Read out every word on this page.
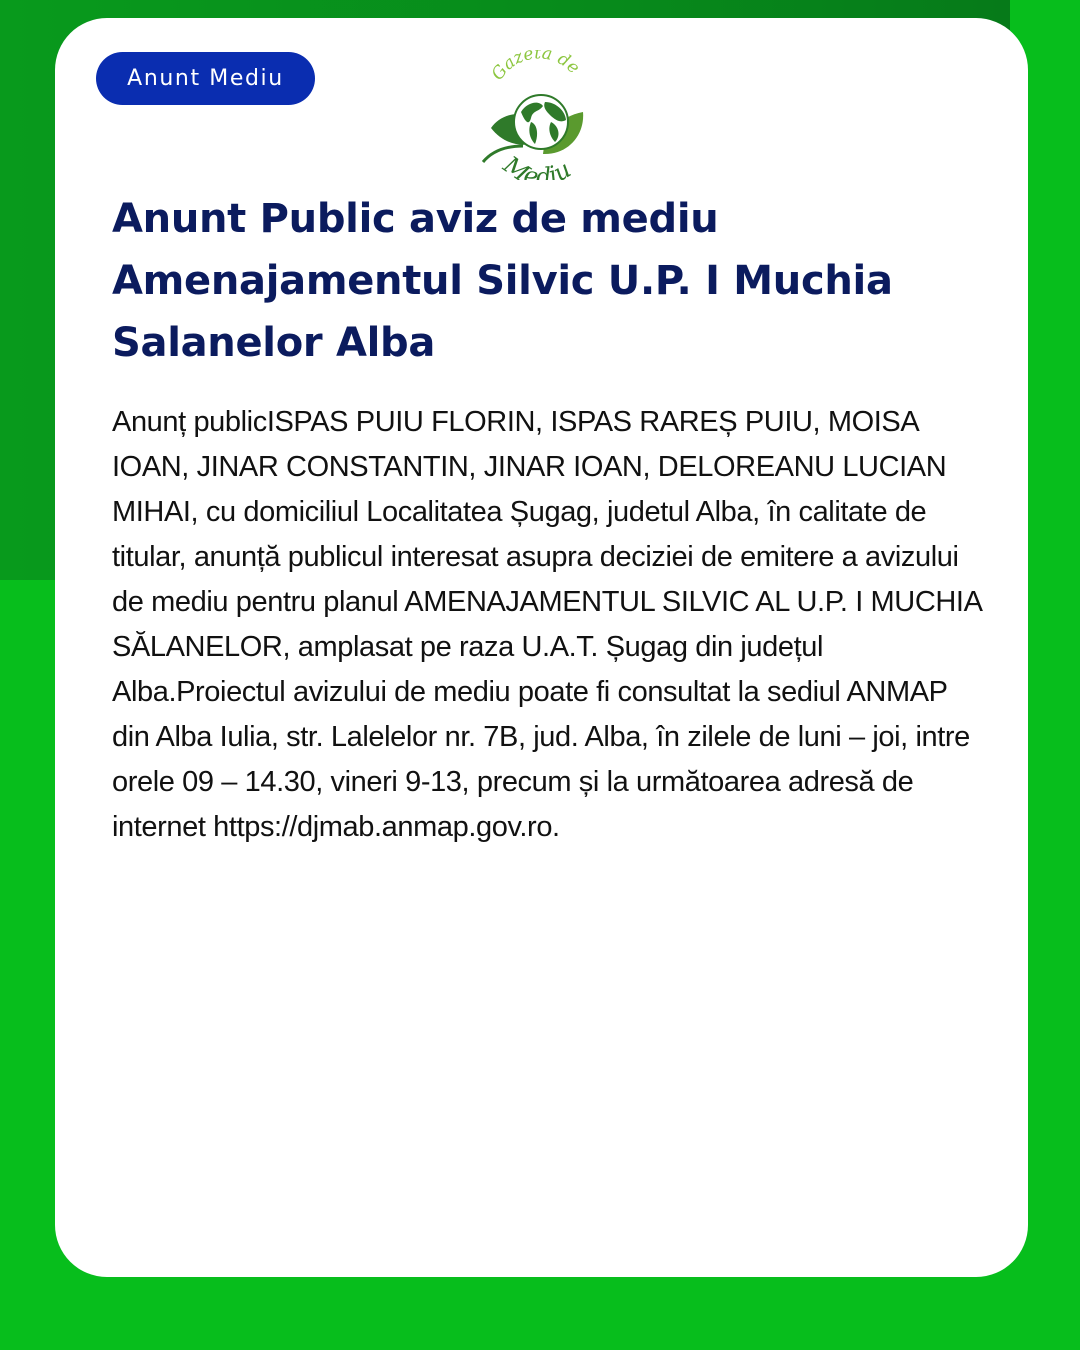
Anunt Mediu	Gazeta de
Mediu
Anunt Public aviz de mediu Amenajamentul Silvic U.P. I Muchia Salanelor Alba

Anunț publicISPAS PUIU FLORIN, ISPAS RAREȘ PUIU, MOISA IOAN, JINAR CONSTANTIN, JINAR IOAN, DELOREANU LUCIAN MIHAI, cu domiciliul Localitatea Șugag, judetul Alba, în calitate de titular, anunță publicul interesat asupra deciziei de emitere a avizului de mediu pentru planul AMENAJAMENTUL SILVIC AL U.P. I MUCHIA SĂLANELOR, amplasat pe raza U.A.T. Șugag din județul Alba.Proiectul avizului de mediu poate fi consultat la sediul ANMAP din Alba Iulia, str. Lalelelor nr. 7B, jud. Alba, în zilele de luni – joi, intre orele 09 – 14.30, vineri 9-13, precum și la următoarea adresă de internet https://djmab.anmap.gov.ro.
